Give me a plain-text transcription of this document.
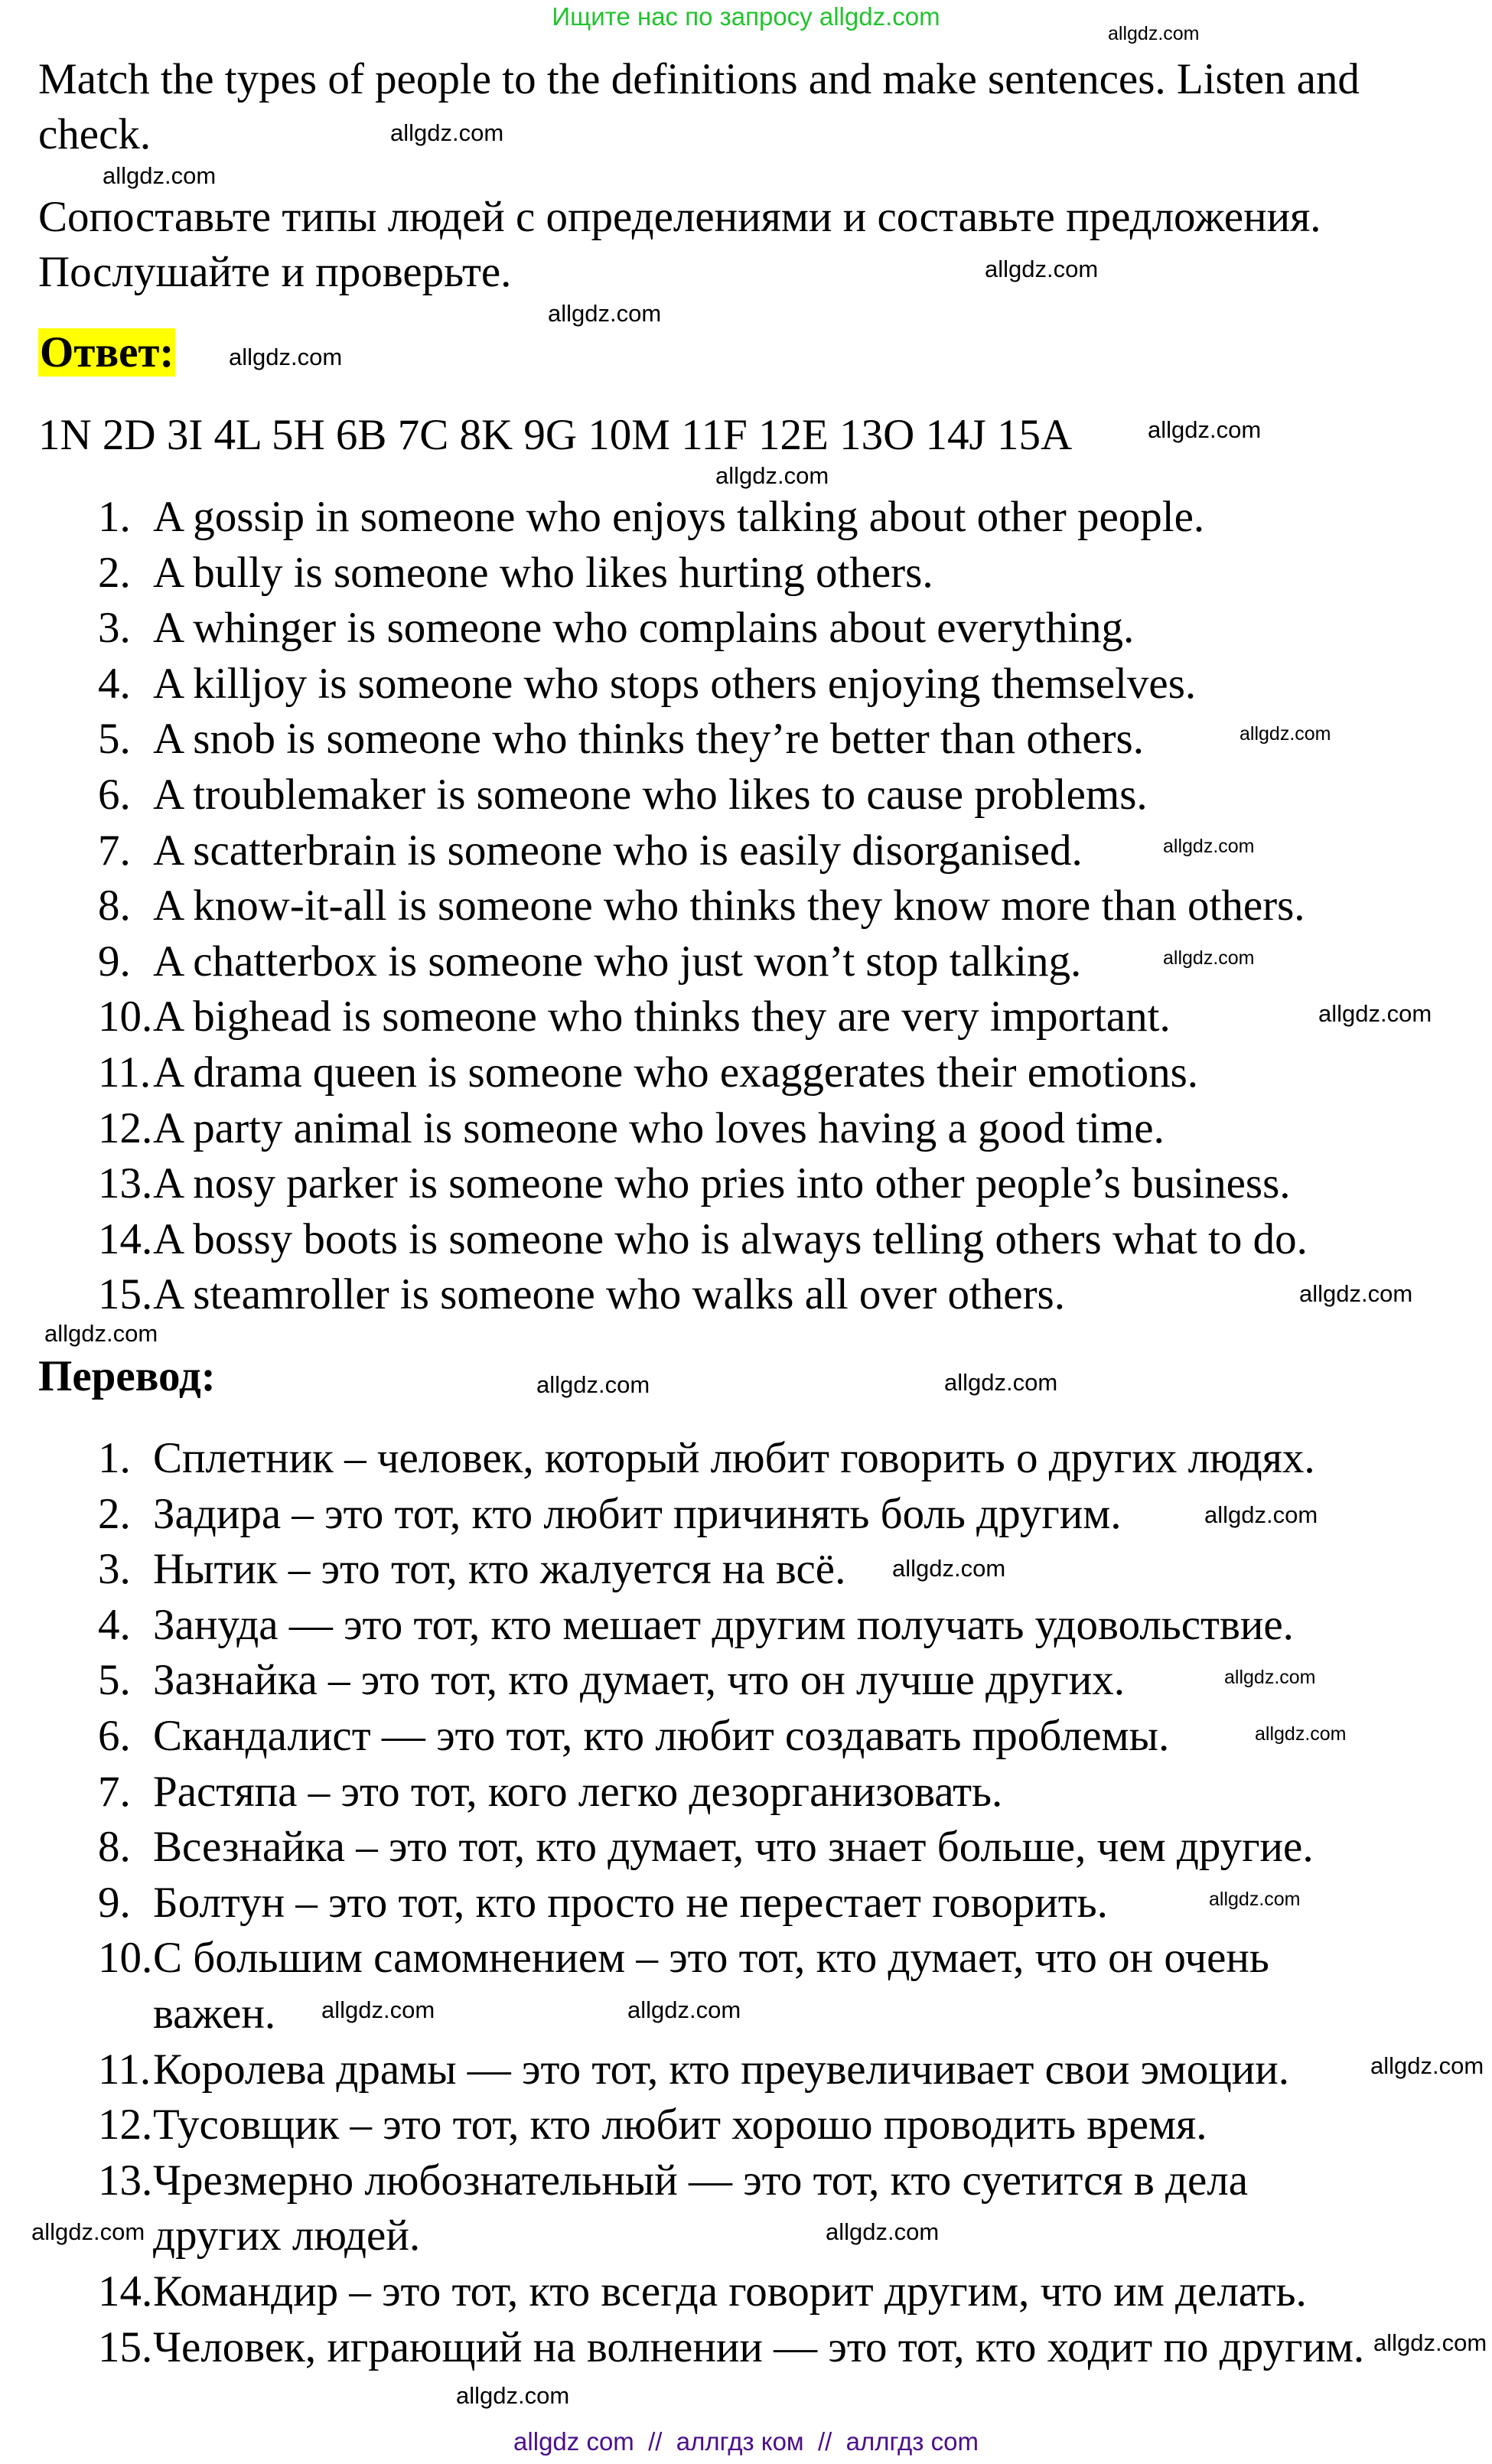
Ищите нас по запросу allgdz.com
Match the types of people to the definitions and make sentences. Listen and
check.
Сопоставьте типы людей с определениями и составьте предложения.
Послушайте и проверьте.
Ответ:
1N 2D 3I 4L 5H 6B 7C 8K 9G 10M 11F 12E 13O 14J 15A
1. A gossip in someone who enjoys talking about other people.
2. A bully is someone who likes hurting others.
3. A whinger is someone who complains about everything.
4. A killjoy is someone who stops others enjoying themselves.
5. A snob is someone who thinks they’re better than others.
6. A troublemaker is someone who likes to cause problems.
7. A scatterbrain is someone who is easily disorganised.
8. A know-it-all is someone who thinks they know more than others.
9. A chatterbox is someone who just won’t stop talking.
10. A bighead is someone who thinks they are very important.
11. A drama queen is someone who exaggerates their emotions.
12. A party animal is someone who loves having a good time.
13. A nosy parker is someone who pries into other people’s business.
14. A bossy boots is someone who is always telling others what to do.
15. A steamroller is someone who walks all over others.
Перевод:
1. Сплетник – человек, который любит говорить о других людях.
2. Задира – это тот, кто любит причинять боль другим.
3. Нытик – это тот, кто жалуется на всё.
4. Зануда — это тот, кто мешает другим получать удовольствие.
5. Зазнайка – это тот, кто думает, что он лучше других.
6. Скандалист — это тот, кто любит создавать проблемы.
7. Растяпа – это тот, кого легко дезорганизовать.
8. Всезнайка – это тот, кто думает, что знает больше, чем другие.
9. Болтун – это тот, кто просто не перестает говорить.
10. С большим самомнением – это тот, кто думает, что он очень важен.
11. Королева драмы — это тот, кто преувеличивает свои эмоции.
12. Тусовщик – это тот, кто любит хорошо проводить время.
13. Чрезмерно любознательный — это тот, кто суетится в дела других людей.
14. Командир – это тот, кто всегда говорит другим, что им делать.
15. Человек, играющий на волнении — это тот, кто ходит по другим.
allgdz.com
allgdz.com
allgdz.com
allgdz.com
allgdz.com
allgdz.com
allgdz.com
allgdz.com
allgdz.com
allgdz.com
allgdz.com
allgdz.com
allgdz.com
allgdz.com
allgdz.com	allgdz.com
allgdz.com
allgdz.com
allgdz.com
allgdz.com
allgdz.com
allgdz.com	allgdz.com
allgdz.com
allgdz.com	allgdz.com
allgdz.com
allgdz.com
allgdz com  //  аллгдз ком  //  аллгдз com
